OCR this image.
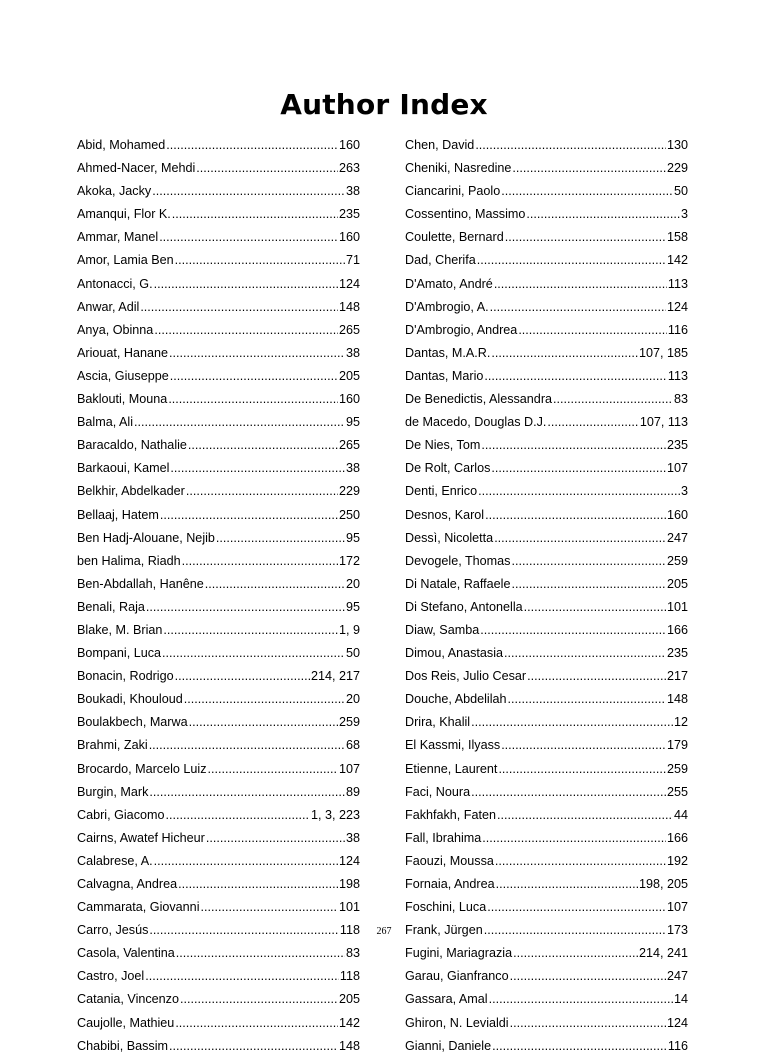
Author Index
Abid, Mohamed .....	160
Ahmed-Nacer, Mehdi .....	263
Akoka, Jacky .....	38
Amanqui, Flor K. .....	235
Ammar, Manel .....	160
Amor, Lamia Ben .....	71
Antonacci, G. .....	124
Anwar, Adil .....	148
Anya, Obinna .....	265
Ariouat, Hanane .....	38
Ascia, Giuseppe .....	205
Baklouti, Mouna .....	160
Balma, Ali .....	95
Baracaldo, Nathalie .....	265
Barkaoui, Kamel .....	38
Belkhir, Abdelkader .....	229
Bellaaj, Hatem .....	250
Ben Hadj-Alouane, Nejib .....	95
ben Halima, Riadh .....	172
Ben-Abdallah, Hanêne .....	20
Benali, Raja .....	95
Blake, M. Brian .....	1, 9
Bompani, Luca .....	50
Bonacin, Rodrigo .....	214, 217
Boukadi, Khouloud .....	20
Boulakbech, Marwa .....	259
Brahmi, Zaki .....	68
Brocardo, Marcelo Luiz .....	107
Burgin, Mark .....	89
Cabri, Giacomo .....	1, 3, 223
Cairns, Awatef Hicheur .....	38
Calabrese, A. .....	124
Calvagna, Andrea .....	198
Cammarata, Giovanni .....	101
Carro, Jesús .....	118
Casola, Valentina .....	83
Castro, Joel .....	118
Catania, Vincenzo .....	205
Caujolle, Mathieu .....	142
Chabibi, Bassim .....	148
Chen, David .....	130
Cheniki, Nasredine .....	229
Ciancarini, Paolo .....	50
Cossentino, Massimo .....	3
Coulette, Bernard .....	158
Dad, Cherifa .....	142
D'Amato, André .....	113
D'Ambrogio, A. .....	124
D'Ambrogio, Andrea .....	116
Dantas, M.A.R. .....	107, 185
Dantas, Mario .....	113
De Benedictis, Alessandra .....	83
de Macedo, Douglas D.J. .....	107, 113
De Nies, Tom .....	235
De Rolt, Carlos .....	107
Denti, Enrico .....	3
Desnos, Karol .....	160
Dessì, Nicoletta .....	247
Devogele, Thomas .....	259
Di Natale, Raffaele .....	205
Di Stefano, Antonella .....	101
Diaw, Samba .....	166
Dimou, Anastasia .....	235
Dos Reis, Julio Cesar .....	217
Douche, Abdelilah .....	148
Drira, Khalil .....	12
El Kassmi, Ilyass .....	179
Etienne, Laurent .....	259
Faci, Noura .....	255
Fakhfakh, Faten .....	44
Fall, Ibrahima .....	166
Faouzi, Moussa .....	192
Fornaia, Andrea .....	198, 205
Foschini, Luca .....	107
Frank, Jürgen .....	173
Fugini, Mariagrazia .....	214, 241
Garau, Gianfranco .....	247
Gassara, Amal .....	14
Ghiron, N. Levialdi .....	124
Gianni, Daniele .....	116
267
